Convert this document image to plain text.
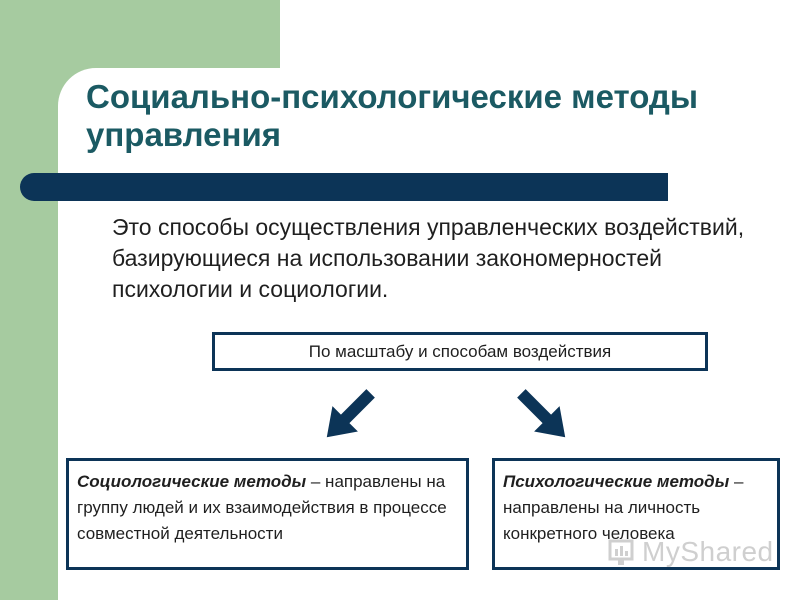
Социально-психологические методы управления

Это способы осуществления управленческих воздействий, базирующиеся на использовании закономерностей психологии и социологии.

По масштабу и способам воздействия
Социологические методы – направлены на группу людей и их взаимодействия в процессе совместной деятельности
Психологические методы – направлены на личность конкретного человека
MyShared
